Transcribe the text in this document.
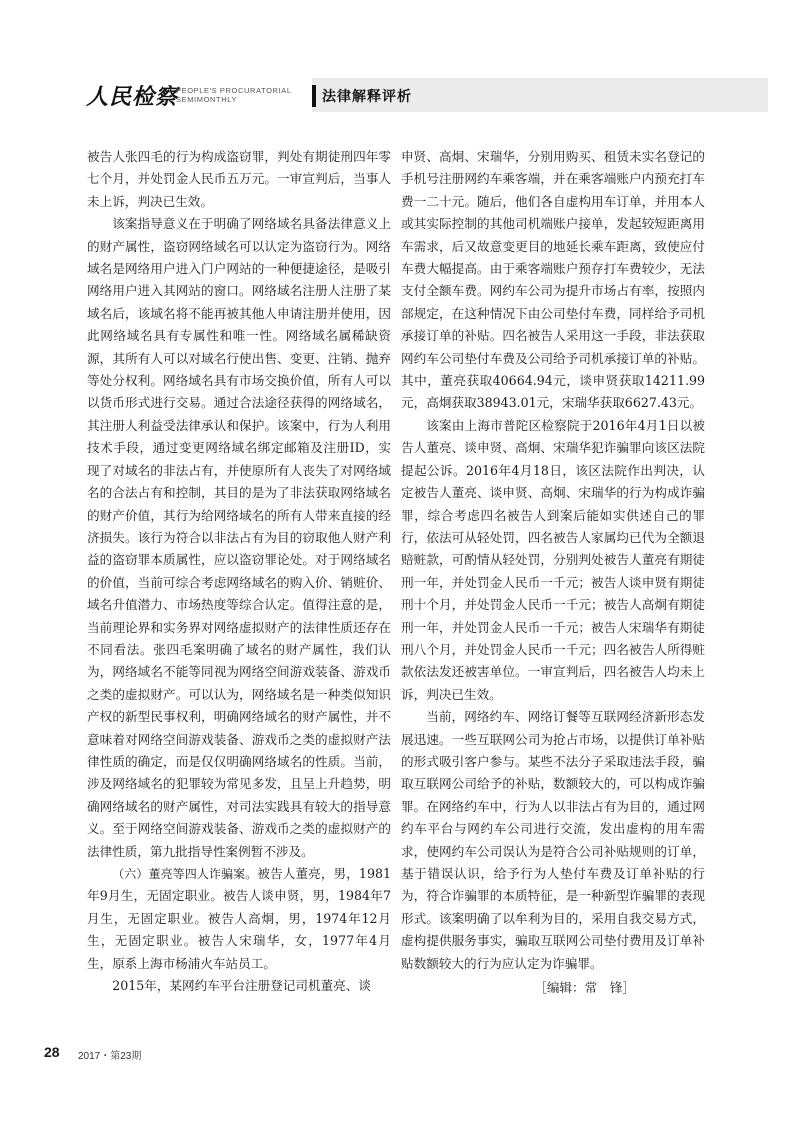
人民检察
PEOPLE'S PROCURATORIAL
SEMIMONTHLY	法律解释评析

被告人张四毛的行为构成盗窃罪，判处有期徒刑四年零七个月，并处罚金人民币五万元。一审宣判后，当事人未上诉，判决已生效。

该案指导意义在于明确了网络域名具备法律意义上的财产属性，盗窃网络域名可以认定为盗窃行为。网络域名是网络用户进入门户网站的一种便捷途径，是吸引网络用户进入其网站的窗口。网络域名注册人注册了某域名后，该域名将不能再被其他人申请注册并使用，因此网络域名具有专属性和唯一性。网络域名属稀缺资源，其所有人可以对域名行使出售、变更、注销、抛弃等处分权利。网络域名具有市场交换价值，所有人可以以货币形式进行交易。通过合法途径获得的网络域名，其注册人利益受法律承认和保护。该案中，行为人利用技术手段，通过变更网络域名绑定邮箱及注册ID，实现了对域名的非法占有，并使原所有人丧失了对网络域名的合法占有和控制，其目的是为了非法获取网络域名的财产价值，其行为给网络域名的所有人带来直接的经济损失。该行为符合以非法占有为目的窃取他人财产利益的盗窃罪本质属性，应以盗窃罪论处。对于网络域名的价值，当前可综合考虑网络域名的购入价、销赃价、域名升值潜力、市场热度等综合认定。值得注意的是，当前理论界和实务界对网络虚拟财产的法律性质还存在不同看法。张四毛案明确了域名的财产属性，我们认为，网络域名不能等同视为网络空间游戏装备、游戏币之类的虚拟财产。可以认为，网络域名是一种类似知识产权的新型民事权利，明确网络域名的财产属性，并不意味着对网络空间游戏装备、游戏币之类的虚拟财产法律性质的确定，而是仅仅明确网络域名的性质。当前，涉及网络域名的犯罪较为常见多发，且呈上升趋势，明确网络域名的财产属性，对司法实践具有较大的指导意义。至于网络空间游戏装备、游戏币之类的虚拟财产的法律性质，第九批指导性案例暂不涉及。

（六）董亮等四人诈骗案。被告人董亮，男，1981年9月生，无固定职业。被告人谈申贤，男，1984年7月生，无固定职业。被告人高炯，男，1974年12月生，无固定职业。被告人宋瑞华，女，1977年4月生，原系上海市杨浦火车站员工。

2015年，某网约车平台注册登记司机董亮、谈

申贤、高炯、宋瑞华，分别用购买、租赁未实名登记的手机号注册网约车乘客端，并在乘客端账户内预充打车费一二十元。随后，他们各自虚构用车订单，并用本人或其实际控制的其他司机端账户接单，发起较短距离用车需求，后又故意变更目的地延长乘车距离，致使应付车费大幅提高。由于乘客端账户预存打车费较少，无法支付全额车费。网约车公司为提升市场占有率，按照内部规定，在这种情况下由公司垫付车费，同样给予司机承接订单的补贴。四名被告人采用这一手段，非法获取网约车公司垫付车费及公司给予司机承接订单的补贴。其中，董亮获取40664.94元，谈申贤获取14211.99元，高炯获取38943.01元，宋瑞华获取6627.43元。

该案由上海市普陀区检察院于2016年4月1日以被告人董亮、谈申贤、高炯、宋瑞华犯诈骗罪向该区法院提起公诉。2016年4月18日，该区法院作出判决，认定被告人董亮、谈申贤、高炯、宋瑞华的行为构成诈骗罪，综合考虑四名被告人到案后能如实供述自己的罪行，依法可从轻处罚，四名被告人家属均已代为全额退赔赃款，可酌情从轻处罚，分别判处被告人董亮有期徒刑一年，并处罚金人民币一千元；被告人谈申贤有期徒刑十个月，并处罚金人民币一千元；被告人高炯有期徒刑一年，并处罚金人民币一千元；被告人宋瑞华有期徒刑八个月，并处罚金人民币一千元；四名被告人所得赃款依法发还被害单位。一审宣判后，四名被告人均未上诉，判决已生效。

当前，网络约车、网络订餐等互联网经济新形态发展迅速。一些互联网公司为抢占市场，以提供订单补贴的形式吸引客户参与。某些不法分子采取违法手段，骗取互联网公司给予的补贴，数额较大的，可以构成诈骗罪。在网络约车中，行为人以非法占有为目的，通过网约车平台与网约车公司进行交流，发出虚构的用车需求，使网约车公司误认为是符合公司补贴规则的订单，基于错误认识，给予行为人垫付车费及订单补贴的行为，符合诈骗罪的本质特征，是一种新型诈骗罪的表现形式。该案明确了以牟利为目的，采用自我交易方式，虚构提供服务事实，骗取互联网公司垫付费用及订单补贴数额较大的行为应认定为诈骗罪。

［编辑：常　锋］

28 2017・第23期
